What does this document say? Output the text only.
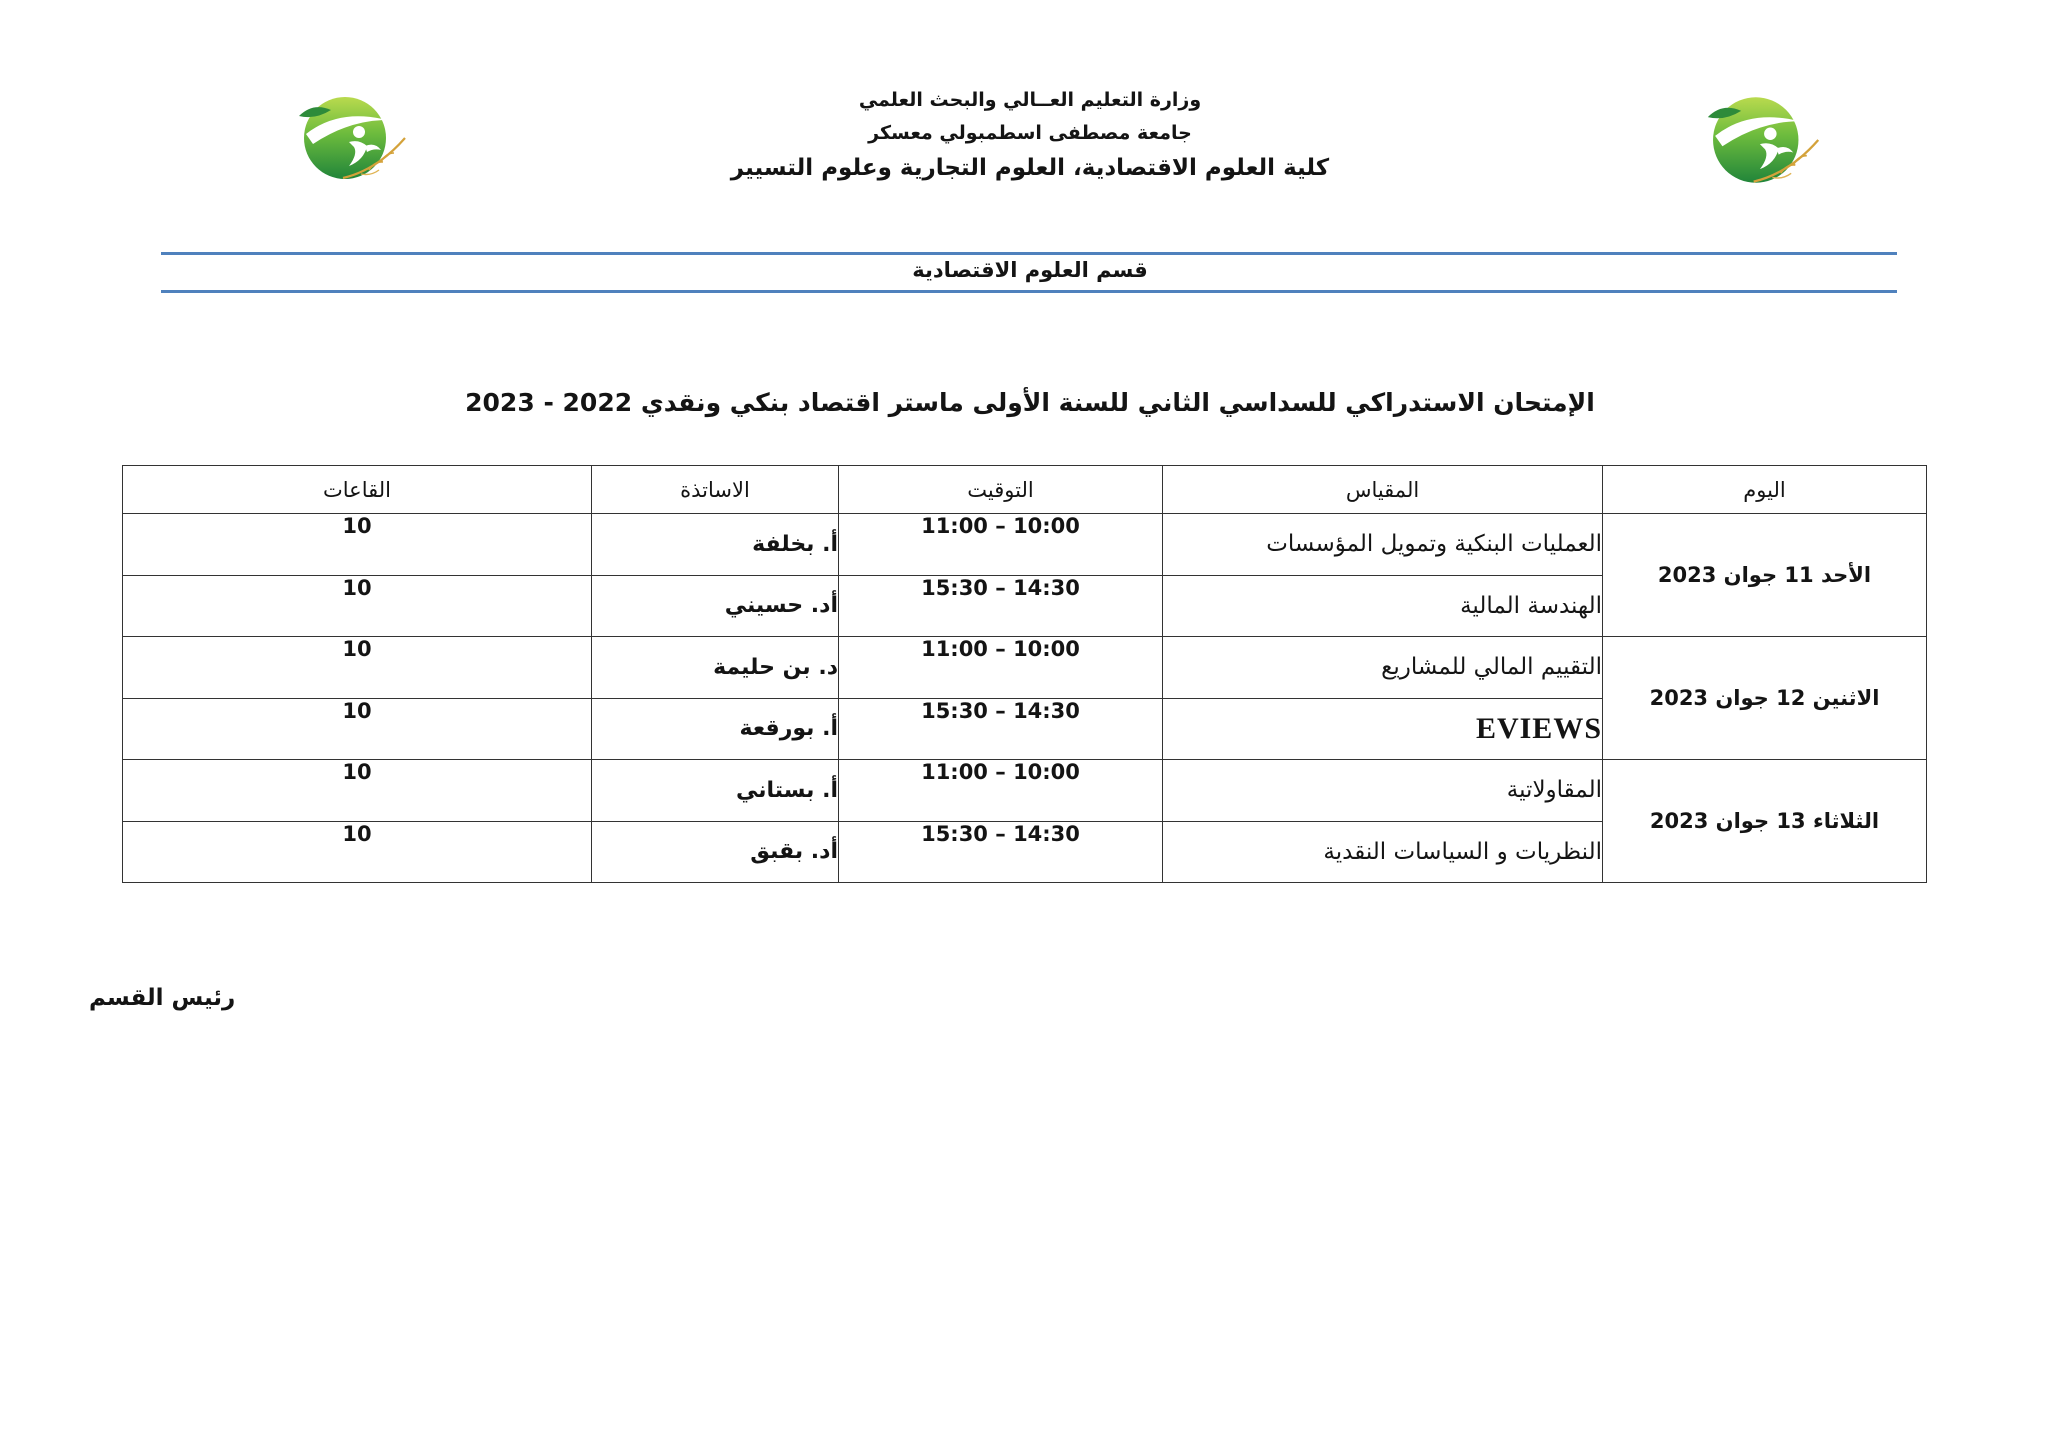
وزارة التعليم العــالي والبحث العلمي
جامعة مصطفى اسطمبولي معسكر
كلية العلوم الاقتصادية، العلوم التجارية وعلوم التسيير
قسم العلوم الاقتصادية
الإمتحان الاستدراكي للسداسي الثاني للسنة الأولى ماستر اقتصاد بنكي ونقدي 2022 - 2023
اليوم	المقياس	التوقيت	الاساتذة	القاعات
الأحد 11 جوان 2023	العمليات البنكية وتمويل المؤسسات	10:00 – 11:00	أ. بخلفة	10
	الهندسة المالية	14:30 – 15:30	أد. حسيني	10
الاثنين 12 جوان 2023	التقييم المالي للمشاريع	10:00 – 11:00	د. بن حليمة	10
	EVIEWS	14:30 – 15:30	أ. بورقعة	10
الثلاثاء 13 جوان 2023	المقاولاتية	10:00 – 11:00	أ. بستاني	10
	النظريات و السياسات النقدية	14:30 – 15:30	أد. بقبق	10
رئيس القسم
